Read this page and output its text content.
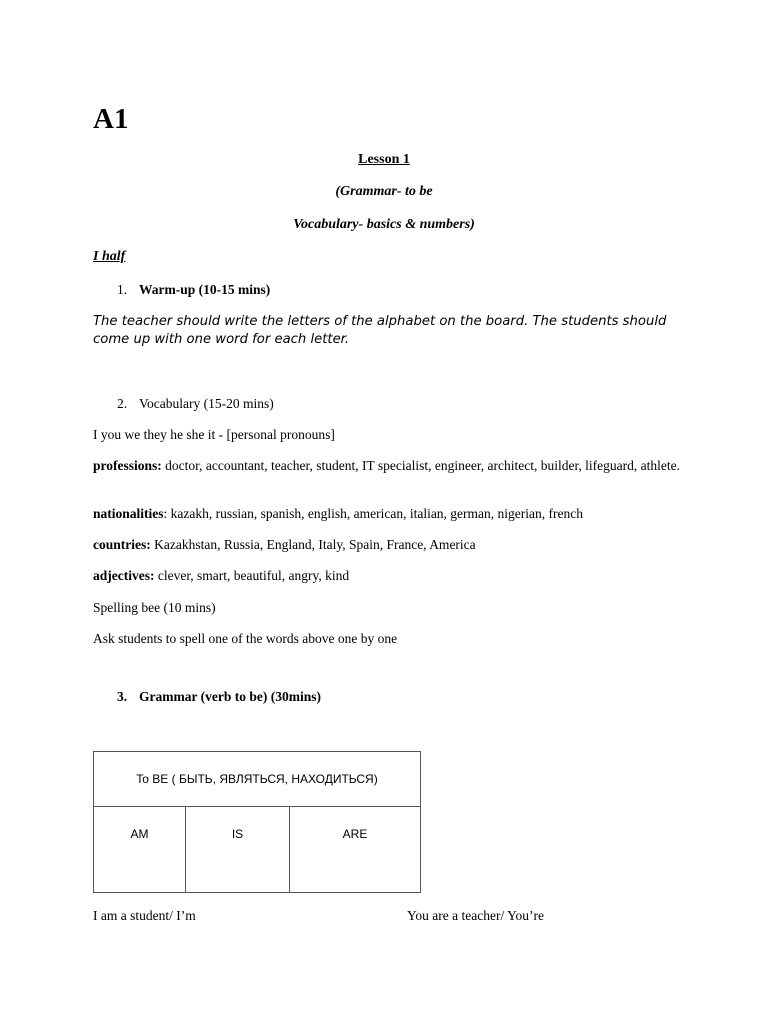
A1
Lesson 1
(Grammar- to be
Vocabulary- basics & numbers)
I half
1. Warm-up (10-15 mins)
The teacher should write the letters of the alphabet on the board. The students should come up with one word for each letter.
2. Vocabulary (15-20 mins)
I you we they he she it - [personal pronouns]
professions: doctor, accountant, teacher, student, IT specialist, engineer, architect, builder, lifeguard, athlete.
nationalities: kazakh, russian, spanish, english, american, italian, german, nigerian, french
countries: Kazakhstan, Russia, England, Italy, Spain, France, America
adjectives: clever, smart, beautiful, angry, kind
Spelling bee (10 mins)
Ask students to spell one of the words above one by one
3. Grammar (verb to be) (30mins)
To BE ( БЫТЬ, ЯВЛЯТЬСЯ, НАХОДИТЬСЯ)
AM	IS	ARE
I am a student/ I’m	You are a teacher/ You’re
